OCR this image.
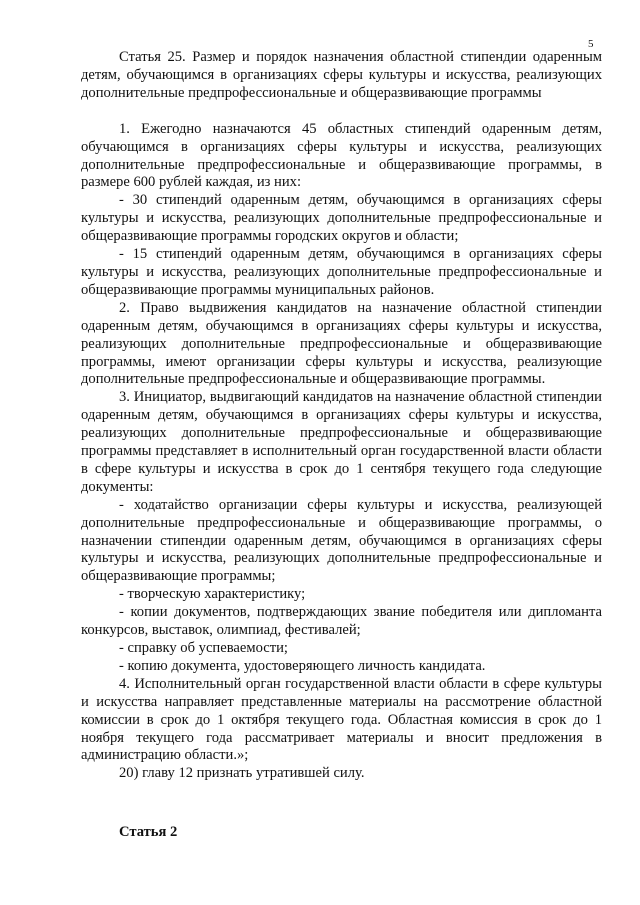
5

Статья 25. Размер и порядок назначения областной стипендии одаренным детям, обучающимся в организациях сферы культуры и искусства, реализующих дополнительные предпрофессиональные и общеразвивающие программы

1. Ежегодно назначаются 45 областных стипендий одаренным детям, обучающимся в организациях сферы культуры и искусства, реализующих дополнительные предпрофессиональные и общеразвивающие программы, в размере 600 рублей каждая, из них:

- 30 стипендий одаренным детям, обучающимся в организациях сферы культуры и искусства, реализующих дополнительные предпрофессиональные и общеразвивающие программы городских округов и области;

- 15 стипендий одаренным детям, обучающимся в организациях сферы культуры и искусства, реализующих дополнительные предпрофессиональные и общеразвивающие программы муниципальных районов.

2. Право выдвижения кандидатов на назначение областной стипендии одаренным детям, обучающимся в организациях сферы культуры и искусства, реализующих дополнительные предпрофессиональные и общеразвивающие программы, имеют организации сферы культуры и искусства, реализующие дополнительные предпрофессиональные и общеразвивающие программы.

3. Инициатор, выдвигающий кандидатов на назначение областной стипендии одаренным детям, обучающимся в организациях сферы культуры и искусства, реализующих дополнительные предпрофессиональные и общеразвивающие программы представляет в исполнительный орган государственной власти области в сфере культуры и искусства в срок до 1 сентября текущего года следующие документы:

- ходатайство организации сферы культуры и искусства, реализующей дополнительные предпрофессиональные и общеразвивающие программы, о назначении стипендии одаренным детям, обучающимся в организациях сферы культуры и искусства, реализующих дополнительные предпрофессиональные и общеразвивающие программы;

- творческую характеристику;

- копии документов, подтверждающих звание победителя или дипломанта конкурсов, выставок, олимпиад, фестивалей;

- справку об успеваемости;

- копию документа, удостоверяющего личность кандидата.

4. Исполнительный орган государственной власти области в сфере культуры и искусства направляет представленные материалы на рассмотрение областной комиссии в срок до 1 октября текущего года. Областная комиссия в срок до 1 ноября текущего года рассматривает материалы и вносит предложения в администрацию области.»;

20) главу 12 признать утратившей силу.

Статья 2
